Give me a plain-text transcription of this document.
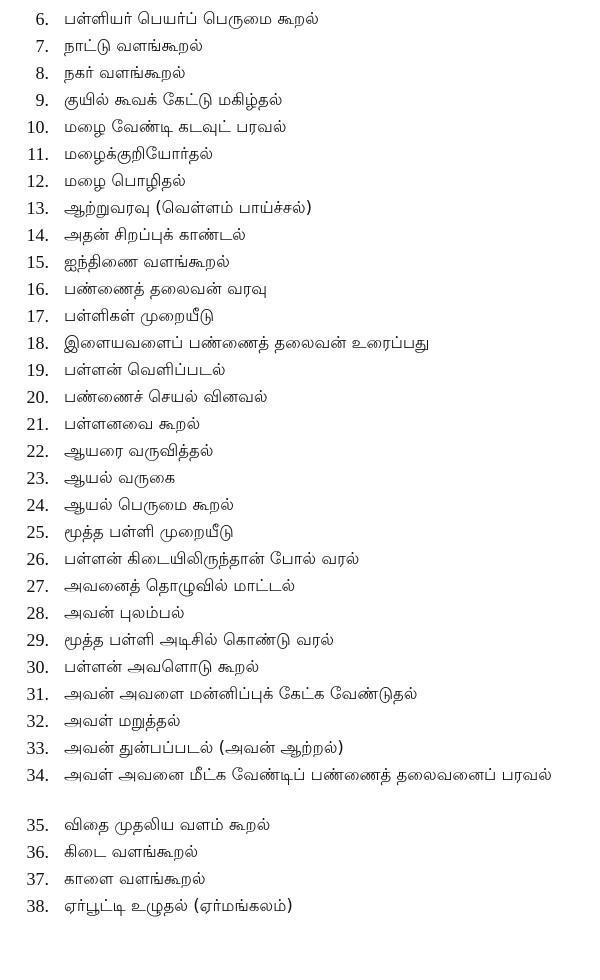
6. பள்ளியர் பெயர்ப் பெருமை கூறல்
7. நாட்டு வளங்கூறல்
8. நகர் வளங்கூறல்
9. குயில் கூவக் கேட்டு மகிழ்தல்
10. மழை வேண்டி கடவுட் பரவல்
11. மழைக்குறியோர்தல்
12. மழை பொழிதல்
13. ஆற்றுவரவு (வெள்ளம் பாய்ச்சல்)
14. அதன் சிறப்புக் காண்டல்
15. ஐந்திணை வளங்கூறல்
16. பண்ணைத் தலைவன் வரவு
17. பள்ளிகள் முறையீடு
18. இளையவளைப் பண்ணைத் தலைவன் உரைப்பது
19. பள்ளன் வெளிப்படல்
20. பண்ணைச் செயல் வினவல்
21. பள்ளனவை கூறல்
22. ஆயரை வருவித்தல்
23. ஆயல் வருகை
24. ஆயல் பெருமை கூறல்
25. மூத்த பள்ளி முறையீடு
26. பள்ளன் கிடையிலிருந்தான் போல் வரல்
27. அவனைத் தொழுவில் மாட்டல்
28. அவன் புலம்பல்
29. மூத்த பள்ளி அடிசில் கொண்டு வரல்
30. பள்ளன் அவளொடு கூறல்
31. அவன் அவளை மன்னிப்புக் கேட்க வேண்டுதல்
32. அவள் மறுத்தல்
33. அவன் துன்பப்படல் (அவன் ஆற்றல்)
34. அவள் அவனை மீட்க வேண்டிப் பண்ணைத் தலைவனைப் பரவல்
35. விதை முதலிய வளம் கூறல்
36. கிடை வளங்கூறல்
37. காளை வளங்கூறல்
38. ஏர்பூட்டி உழுதல் (ஏர்மங்கலம்)
